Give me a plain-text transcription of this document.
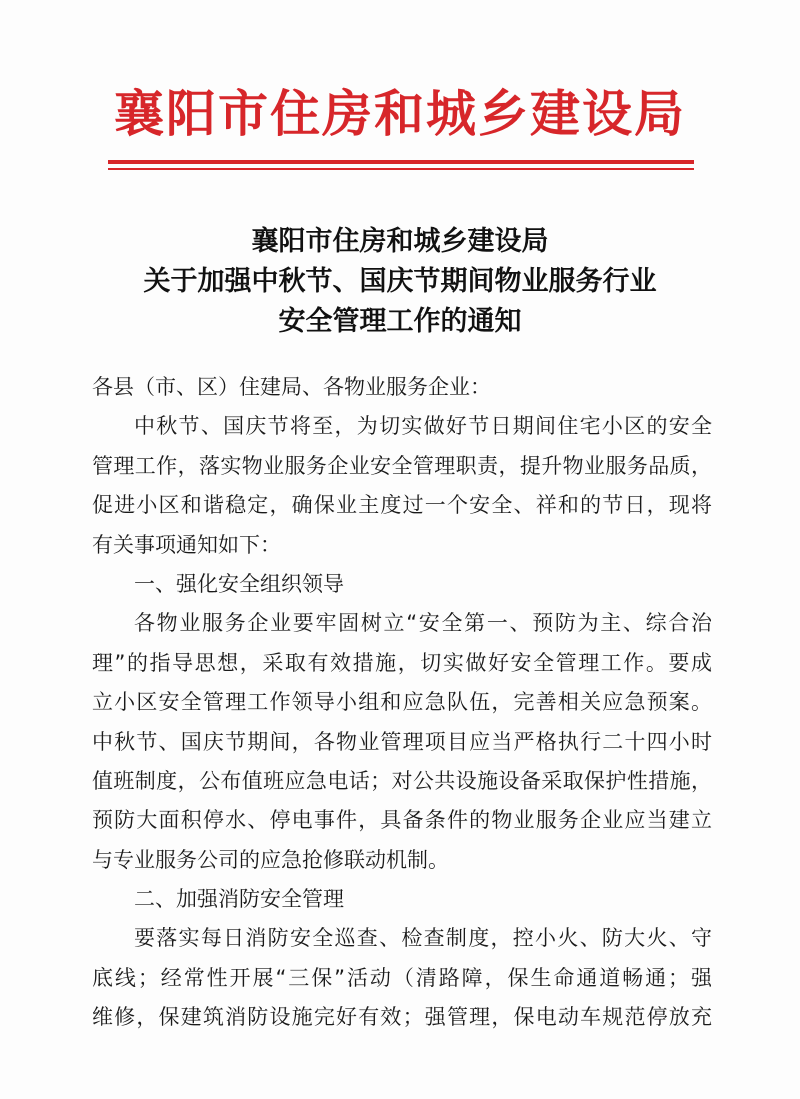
襄阳市住房和城乡建设局
襄阳市住房和城乡建设局
关于加强中秋节、国庆节期间物业服务行业
安全管理工作的通知
各县（市、区）住建局、各物业服务企业：
中秋节、国庆节将至，为切实做好节日期间住宅小区的安全
管理工作，落实物业服务企业安全管理职责，提升物业服务品质，
促进小区和谐稳定，确保业主度过一个安全、祥和的节日，现将
有关事项通知如下：
一、强化安全组织领导
各物业服务企业要牢固树立“安全第一、预防为主、综合治
理”的指导思想，采取有效措施，切实做好安全管理工作。要成
立小区安全管理工作领导小组和应急队伍，完善相关应急预案。
中秋节、国庆节期间，各物业管理项目应当严格执行二十四小时
值班制度，公布值班应急电话；对公共设施设备采取保护性措施，
预防大面积停水、停电事件，具备条件的物业服务企业应当建立
与专业服务公司的应急抢修联动机制。
二、加强消防安全管理
要落实每日消防安全巡查、检查制度，控小火、防大火、守
底线；经常性开展“三保”活动（清路障，保生命通道畅通；强
维修，保建筑消防设施完好有效；强管理，保电动车规范停放充
